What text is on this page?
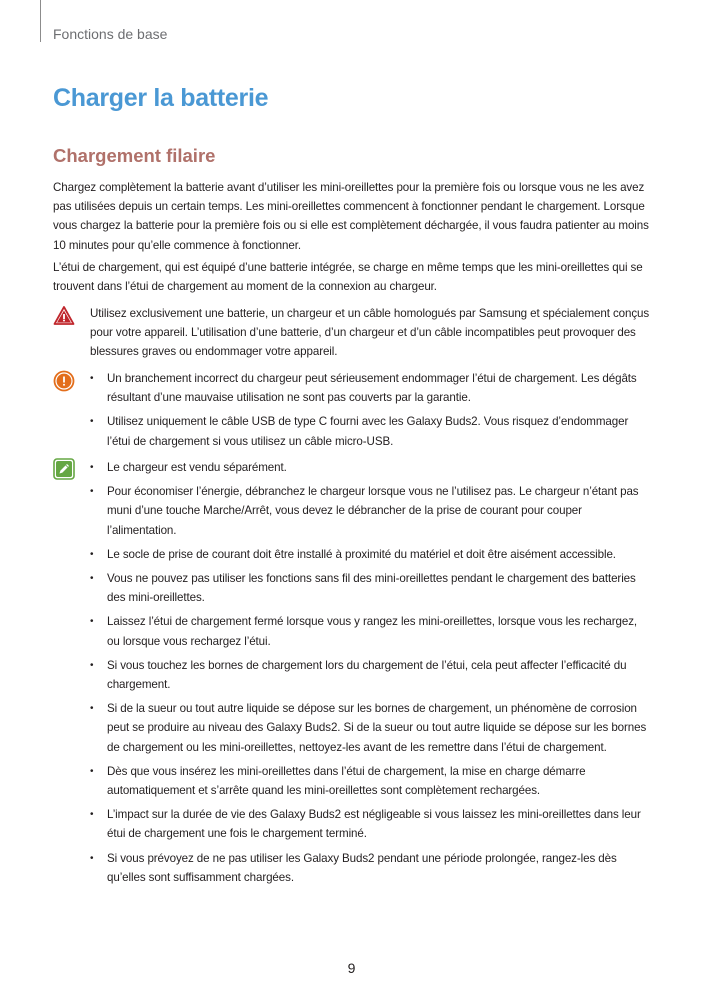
Fonctions de base
Charger la batterie
Chargement filaire

Chargez complètement la batterie avant d’utiliser les mini-oreillettes pour la première fois ou lorsque vous ne les avez pas utilisées depuis un certain temps. Les mini-oreillettes commencent à fonctionner pendant le chargement. Lorsque vous chargez la batterie pour la première fois ou si elle est complètement déchargée, il vous faudra patienter au moins 10 minutes pour qu’elle commence à fonctionner.

L’étui de chargement, qui est équipé d’une batterie intégrée, se charge en même temps que les mini-oreillettes qui se trouvent dans l’étui de chargement au moment de la connexion au chargeur.

Utilisez exclusivement une batterie, un chargeur et un câble homologués par Samsung et spécialement conçus pour votre appareil. L’utilisation d’une batterie, d’un chargeur et d’un câble incompatibles peut provoquer des blessures graves ou endommager votre appareil.
• Un branchement incorrect du chargeur peut sérieusement endommager l’étui de chargement. Les dégâts résultant d’une mauvaise utilisation ne sont pas couverts par la garantie.
• Utilisez uniquement le câble USB de type C fourni avec les Galaxy Buds2. Vous risquez d’endommager l’étui de chargement si vous utilisez un câble micro-USB.
• Le chargeur est vendu séparément.
• Pour économiser l’énergie, débranchez le chargeur lorsque vous ne l’utilisez pas. Le chargeur n’étant pas muni d’une touche Marche/Arrêt, vous devez le débrancher de la prise de courant pour couper l’alimentation.
• Le socle de prise de courant doit être installé à proximité du matériel et doit être aisément accessible.
• Vous ne pouvez pas utiliser les fonctions sans fil des mini-oreillettes pendant le chargement des batteries des mini-oreillettes.
• Laissez l’étui de chargement fermé lorsque vous y rangez les mini-oreillettes, lorsque vous les rechargez, ou lorsque vous rechargez l’étui.
• Si vous touchez les bornes de chargement lors du chargement de l’étui, cela peut affecter l’efficacité du chargement.
• Si de la sueur ou tout autre liquide se dépose sur les bornes de chargement, un phénomène de corrosion peut se produire au niveau des Galaxy Buds2. Si de la sueur ou tout autre liquide se dépose sur les bornes de chargement ou les mini-oreillettes, nettoyez-les avant de les remettre dans l’étui de chargement.
• Dès que vous insérez les mini-oreillettes dans l’étui de chargement, la mise en charge démarre automatiquement et s’arrête quand les mini-oreillettes sont complètement rechargées.
• L’impact sur la durée de vie des Galaxy Buds2 est négligeable si vous laissez les mini-oreillettes dans leur étui de chargement une fois le chargement terminé.
• Si vous prévoyez de ne pas utiliser les Galaxy Buds2 pendant une période prolongée, rangez-les dès qu’elles sont suffisamment chargées.
9
